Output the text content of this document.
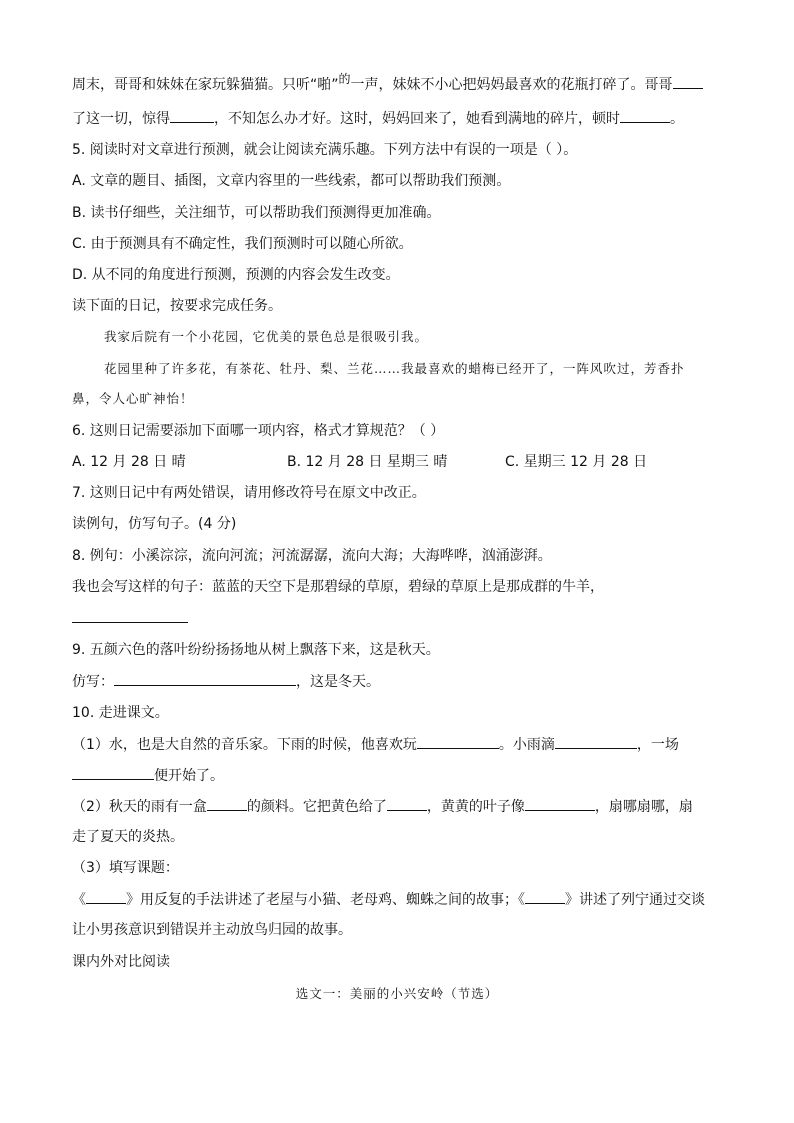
周末，哥哥和妹妹在家玩躲猫猫。只听“啪”的一声，妹妹不小心把妈妈最喜欢的花瓶打碎了。哥哥
了这一切，惊得	，不知怎么办才好。这时，妈妈回来了，她看到满地的碎片，顿时	。
5. 阅读时对文章进行预测，就会让阅读充满乐趣。下列方法中有误的一项是（ ）。
A. 文章的题目、插图，文章内容里的一些线索，都可以帮助我们预测。
B. 读书仔细些，关注细节，可以帮助我们预测得更加准确。
C. 由于预测具有不确定性，我们预测时可以随心所欲。
D. 从不同的角度进行预测，预测的内容会发生改变。
读下面的日记，按要求完成任务。
我家后院有一个小花园，它优美的景色总是很吸引我。
花园里种了许多花，有茶花、牡丹、梨、兰花……我最喜欢的蜡梅已经开了，一阵风吹过，芳香扑
鼻，令人心旷神怡！
6. 这则日记需要添加下面哪一项内容，格式才算规范？（ ）
A. 12 月 28 日 晴	B. 12 月 28 日 星期三 晴	C. 星期三 12 月 28 日
7. 这则日记中有两处错误，请用修改符号在原文中改正。
读例句，仿写句子。(4 分)
8. 例句：小溪淙淙，流向河流；河流潺潺，流向大海；大海哗哗，汹涌澎湃。
我也会写这样的句子：蓝蓝的天空下是那碧绿的草原，碧绿的草原上是那成群的牛羊，
9. 五颜六色的落叶纷纷扬扬地从树上飘落下来，这是秋天。
仿写：	，这是冬天。
10. 走进课文。
（1）水，也是大自然的音乐家。下雨的时候，他喜欢玩	。小雨滴	，一场
便开始了。
（2）秋天的雨有一盒	的颜料。它把黄色给了	，黄黄的叶子像	，扇哪扇哪，扇
走了夏天的炎热。
（3）填写课题：
《	》用反复的手法讲述了老屋与小猫、老母鸡、蜘蛛之间的故事；《	》讲述了列宁通过交谈
让小男孩意识到错误并主动放鸟归园的故事。
课内外对比阅读
选文一：美丽的小兴安岭（节选）
